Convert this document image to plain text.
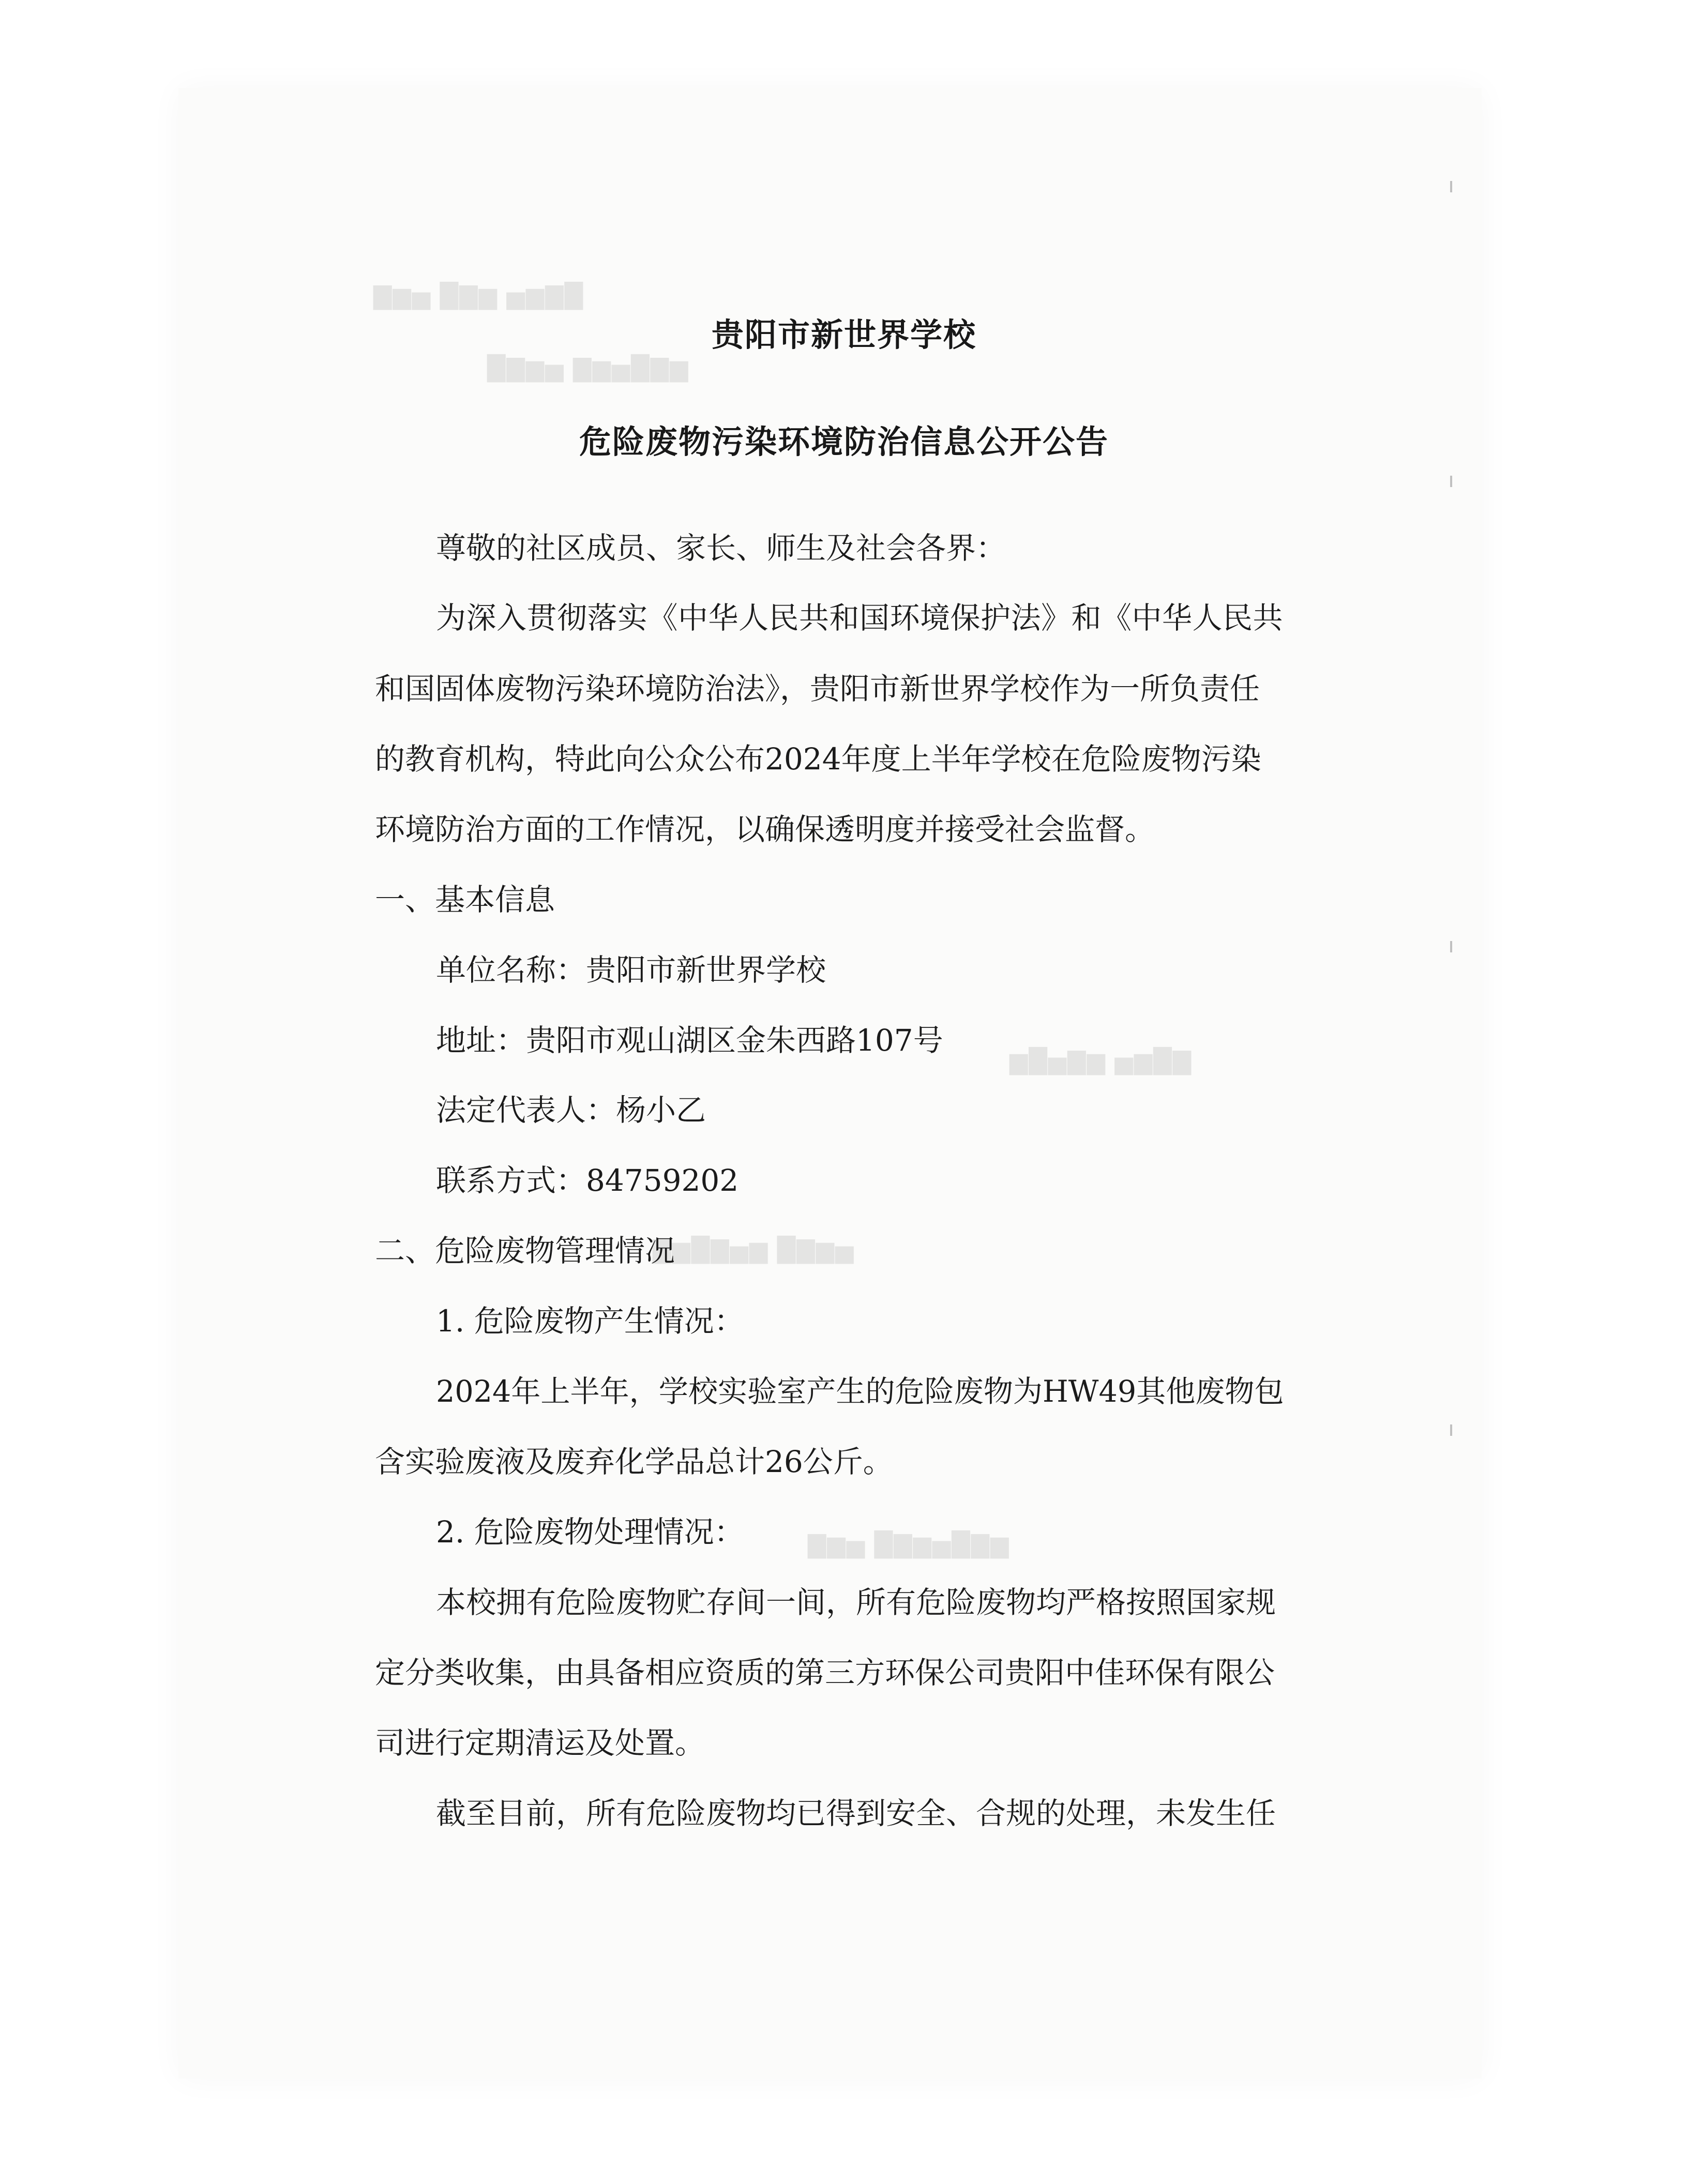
█▇▆▅ ▆▇█ ▅▆▇
▆▇█▅▆▇ ▅▆▇█
▇█▆▅ ▆▇▅█▆
▅▆▇█ ▆▅▇█▆▇
▆▇█▅▆▇█ ▅▆▇
贵阳市新世界学校
危险废物污染环境防治信息公开公告
尊敬的社区成员、家长、师生及社会各界：
为深入贯彻落实《中华人民共和国环境保护法》和《中华人民共
和国固体废物污染环境防治法》，贵阳市新世界学校作为一所负责任
的教育机构，特此向公众公布2024年度上半年学校在危险废物污染
环境防治方面的工作情况，以确保透明度并接受社会监督。
一、基本信息
单位名称：贵阳市新世界学校
地址：贵阳市观山湖区金朱西路107号
法定代表人：杨小乙
联系方式：84759202
二、危险废物管理情况
1. 危险废物产生情况：
2024年上半年，学校实验室产生的危险废物为HW49其他废物包
含实验废液及废弃化学品总计26公斤。
2. 危险废物处理情况：
本校拥有危险废物贮存间一间，所有危险废物均严格按照国家规
定分类收集，由具备相应资质的第三方环保公司贵阳中佳环保有限公
司进行定期清运及处置。
截至目前，所有危险废物均已得到安全、合规的处理，未发生任
